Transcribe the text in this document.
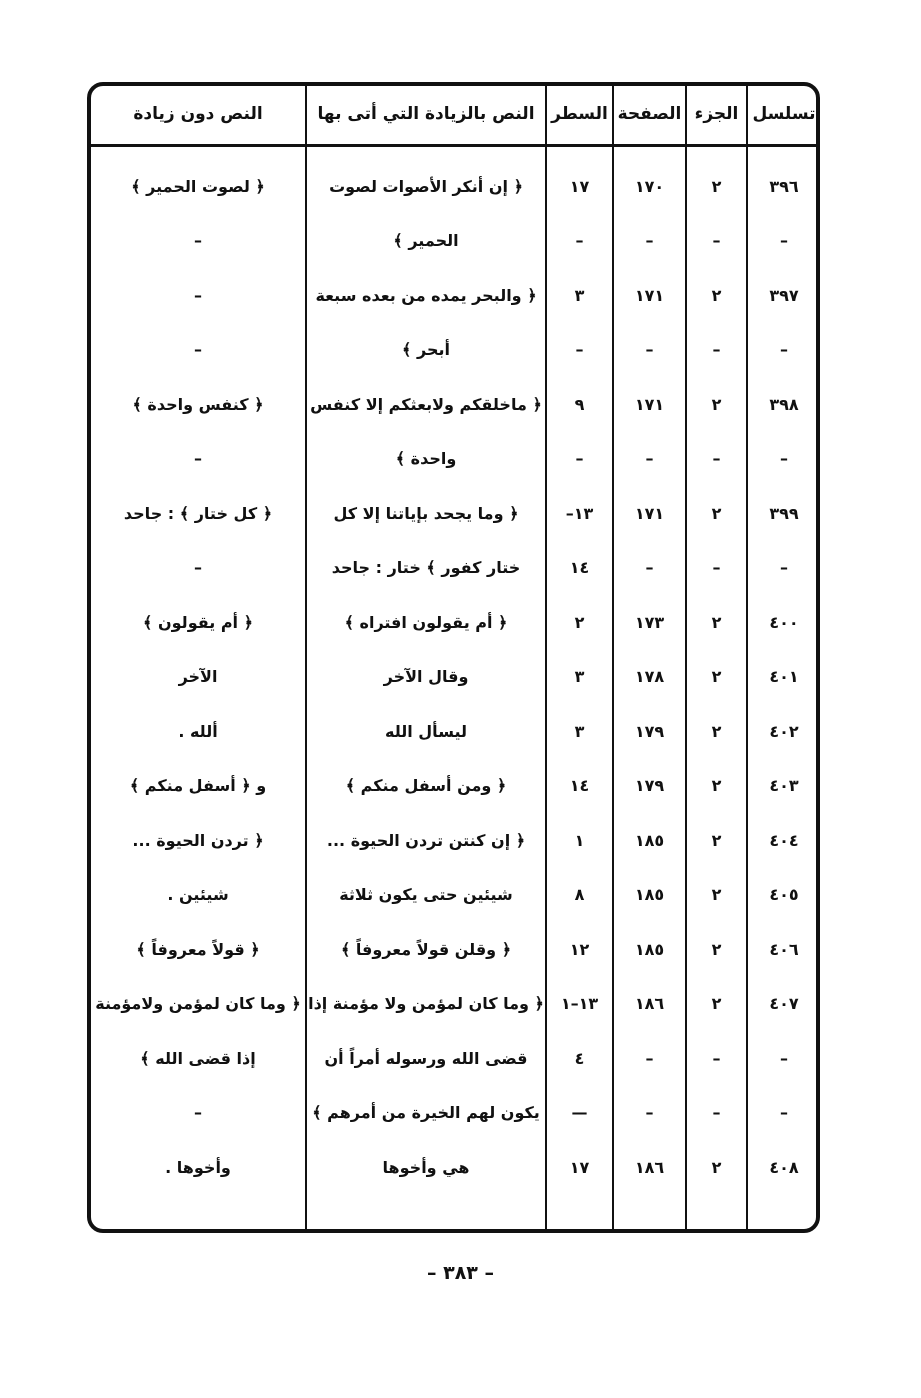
تسلسل
الجزء
الصفحة
السطر
النص بالزيادة التي أتى بها
النص دون زيادة
٣٩٦
٢
١٧٠
١٧
﴿ إن أنكر الأصوات لصوت
﴿ لصوت الحمير ﴾
–
–
–
–
الحمير ﴾
–
٣٩٧
٢
١٧١
٣
﴿ والبحر يمده من بعده سبعة
–
–
–
–
–
أبحر ﴾
–
٣٩٨
٢
١٧١
٩
﴿ ماخلقكم ولابعثكم إلا كنفس
﴿ كنفس واحدة ﴾
–
–
–
–
واحدة ﴾
–
٣٩٩
٢
١٧١
١٣–
﴿ وما يجحد بإياتنا إلا كل
﴿ كل ختار ﴾ : جاحد
–
–
–
١٤
ختار كفور ﴾ ختار : جاحد
–
٤٠٠
٢
١٧٣
٢
﴿ أم يقولون افتراه ﴾
﴿ أم يقولون ﴾
٤٠١
٢
١٧٨
٣
وقال الآخر
الآخر
٤٠٢
٢
١٧٩
٣
ليسأل الله
ألله .
٤٠٣
٢
١٧٩
١٤
﴿ ومن أسفل منكم ﴾
و ﴿ أسفل منكم ﴾
٤٠٤
٢
١٨٥
١
﴿ إن كنتن تردن الحيوة ...
﴿ تردن الحيوة ...
٤٠٥
٢
١٨٥
٨
شيئين حتى يكون ثلاثة
شيئين .
٤٠٦
٢
١٨٥
١٢
﴿ وقلن قولاً معروفاً ﴾
﴿ قولاً معروفاً ﴾
٤٠٧
٢
١٨٦
١٣–١
﴿ وما كان لمؤمن ولا مؤمنة إذا
﴿ وما كان لمؤمن ولامؤمنة
–
–
–
٤
قضى الله ورسوله أمراً أن
إذا قضى الله ﴾
–
–
–
—
يكون لهم الخيرة من أمرهم ﴾
–
٤٠٨
٢
١٨٦
١٧
هي وأخوها
وأخوها .
– ٣٨٣ –
